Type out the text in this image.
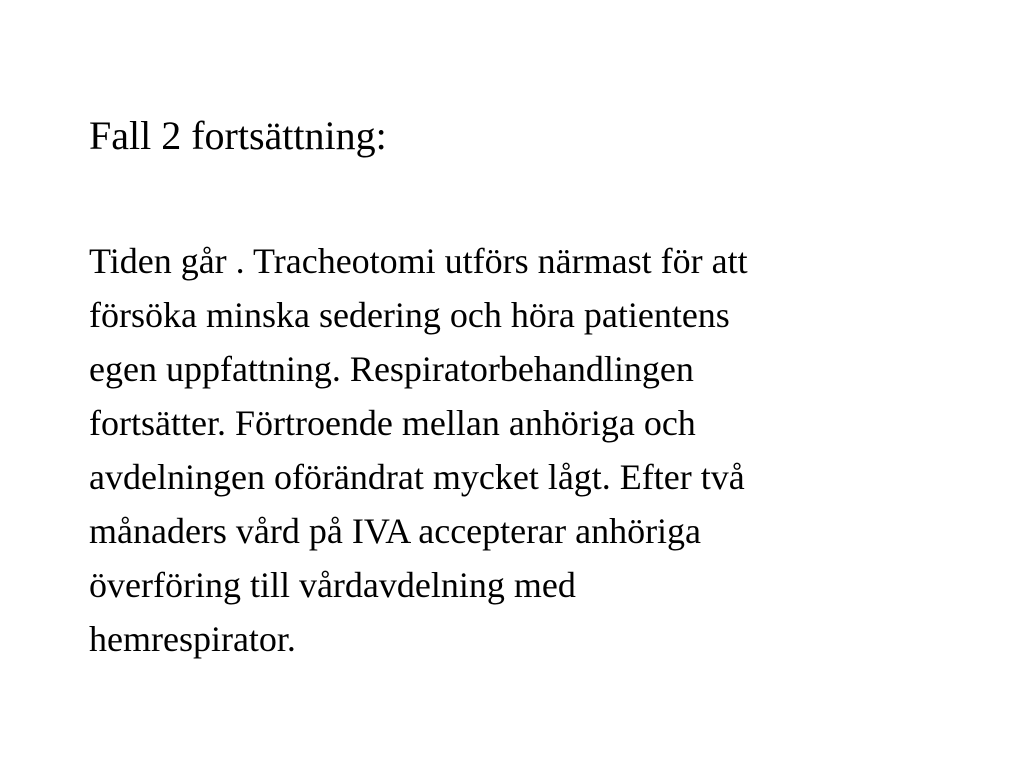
Fall 2 fortsättning:
Tiden går . Tracheotomi utförs närmast för att
försöka minska sedering och höra patientens
egen uppfattning. Respiratorbehandlingen
fortsätter. Förtroende mellan anhöriga och
avdelningen oförändrat mycket lågt. Efter två
månaders vård på IVA accepterar anhöriga
överföring till vårdavdelning med
hemrespirator.
